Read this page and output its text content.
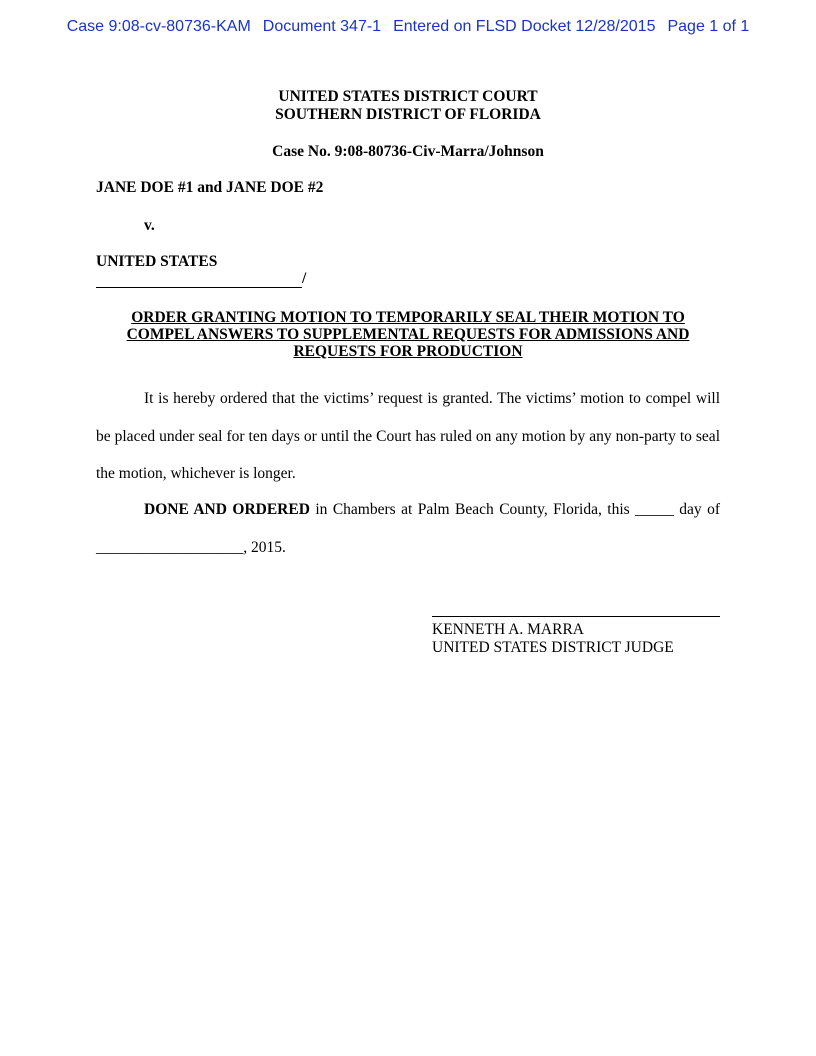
Case 9:08-cv-80736-KAM Document 347-1 Entered on FLSD Docket 12/28/2015 Page 1 of 1
UNITED STATES DISTRICT COURT
SOUTHERN DISTRICT OF FLORIDA
Case No. 9:08-80736-Civ-Marra/Johnson
JANE DOE #1 and JANE DOE #2
v.
UNITED STATES
/
ORDER GRANTING MOTION TO TEMPORARILY SEAL THEIR MOTION TO COMPEL ANSWERS TO SUPPLEMENTAL REQUESTS FOR ADMISSIONS AND REQUESTS FOR PRODUCTION
It is hereby ordered that the victims’ request is granted. The victims’ motion to compel will be placed under seal for ten days or until the Court has ruled on any motion by any non-party to seal the motion, whichever is longer.
DONE AND ORDERED in Chambers at Palm Beach County, Florida, this _____ day of ___________________, 2015.
KENNETH A. MARRA
UNITED STATES DISTRICT JUDGE
